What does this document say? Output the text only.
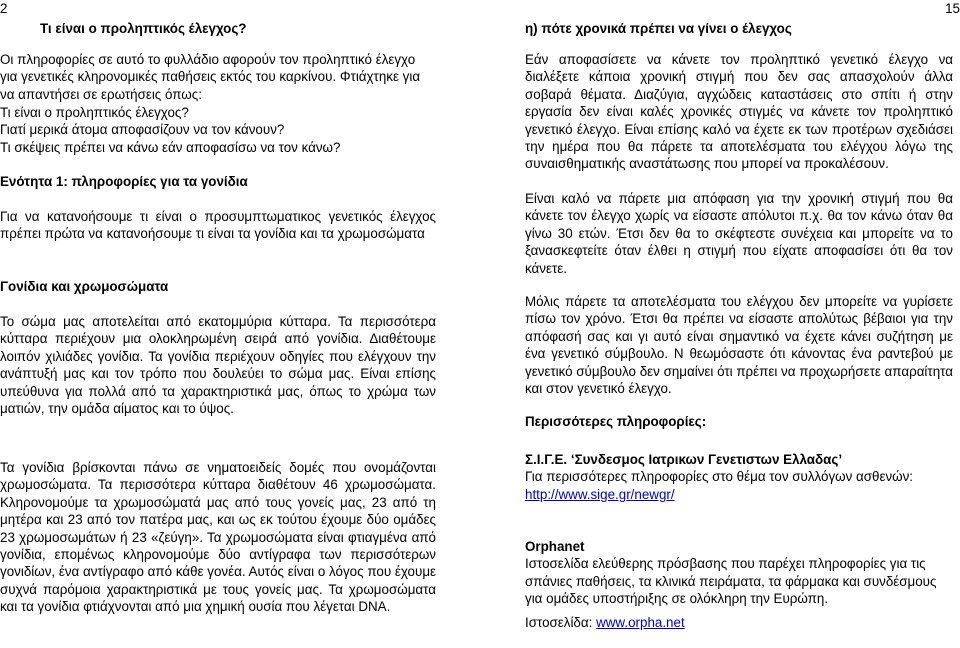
2	15

Τι είναι ο προληπτικός έλεγχος?

Οι πληροφορίες σε αυτό το φυλλάδιο αφορούν τον προληπτικό έλεγχο για γενετικές κληρονομικές παθήσεις εκτός του καρκίνου. Φτιάχτηκε για να απαντήσει σε ερωτήσεις όπως:

Τι είναι ο προληπτικός έλεγχος?
Γιατί μερικά άτομα αποφασίζουν να τον κάνουν?
Τι σκέψεις πρέπει να κάνω εάν αποφασίσω να τον κάνω?

Ενότητα 1: πληροφορίες για τα γονίδια

Για να κατανοήσουμε τι είναι ο προσυμπτωματικος γενετικός έλεγχος πρέπει πρώτα να κατανοήσουμε τι είναι τα γονίδια και τα χρωμοσώματα

Γονίδια και χρωμοσώματα

Το σώμα μας αποτελείται από εκατομμύρια κύτταρα. Τα περισσότερα κύτταρα περιέχουν μια ολοκληρωμένη σειρά από γονίδια. Διαθέτουμε λοιπόν χιλιάδες γονίδια. Τα γονίδια περιέχουν οδηγίες που ελέγχουν την ανάπτυξή μας και τον τρόπο που δουλεύει το σώμα μας. Είναι επίσης υπεύθυνα για πολλά από τα χαρακτηριστικά μας, όπως το χρώμα των ματιών, την ομάδα αίματος και το ύψος.

Τα γονίδια βρίσκονται πάνω σε νηματοειδείς δομές που ονομάζονται χρωμοσώματα. Τα περισσότερα κύτταρα διαθέτουν 46 χρωμοσώματα. Κληρονομούμε τα χρωμοσώματά μας από τους γονείς μας, 23 από τη μητέρα και 23 από τον πατέρα μας, και ως εκ τούτου έχουμε δύο ομάδες 23 χρωμοσωμάτων ή 23 «ζεύγη». Τα χρωμοσώματα είναι φτιαγμένα από γονίδια, επομένως κληρονομούμε δύο αντίγραφα των περισσότερων γονιδίων, ένα αντίγραφο από κάθε γονέα. Αυτός είναι ο λόγος που έχουμε συχνά παρόμοια χαρακτηριστικά με τους γονείς μας. Τα χρωμοσώματα και τα γονίδια φτιάχνονται από μια χημική ουσία που λέγεται DNA.

η) πότε χρονικά πρέπει να γίνει ο έλεγχος

Εάν αποφασίσετε να κάνετε τον προληπτικό γενετικό έλεγχο να διαλέξετε κάποια χρονική στιγμή που δεν σας απασχολούν άλλα σοβαρά θέματα. Διαζύγια, αγχώδεις καταστάσεις στο σπίτι ή στην εργασία δεν είναι καλές χρονικές στιγμές να κάνετε τον προληπτικό γενετικό έλεγχο. Είναι επίσης καλό να έχετε εκ των προτέρων σχεδιάσει την ημέρα που θα πάρετε τα αποτελέσματα του ελέγχου λόγω της συναισθηματικής αναστάτωσης που μπορεί να προκαλέσουν.

Είναι καλό να πάρετε μια απόφαση για την χρονική στιγμή που θα κάνετε τον έλεγχο χωρίς να είσαστε απόλυτοι π.χ. θα τον κάνω όταν θα γίνω 30 ετών. Έτσι δεν θα το σκέφτεστε συνέχεια και μπορείτε να το ξανασκεφτείτε όταν έλθει η στιγμή που είχατε αποφασίσει ότι θα τον κάνετε.

Μόλις πάρετε τα αποτελέσματα του ελέγχου δεν μπορείτε να γυρίσετε πίσω τον χρόνο. Έτσι θα πρέπει να είσαστε απολύτως βέβαιοι για την απόφασή σας και γι αυτό είναι σημαντικό να έχετε κάνει συζήτηση με ένα γενετικό σύμβουλο. Ν θεωμόσαστε ότι κάνοντας ένα ραντεβού με γενετικό σύμβουλο δεν σημαίνει ότι πρέπει να προχωρήσετε απαραίτητα και στον γενετικό έλεγχο.

Περισσότερες πληροφορίες:

Σ.Ι.Γ.Ε. ‘Συνδεσμος Ιατρικων Γενετιστων Ελλαδας’
Για περισσότερες πληροφορίες στο θέμα τον συλλόγων ασθενών:
http://www.sige.gr/newgr/
Orphanet
Ιστοσελίδα ελεύθερης πρόσβασης που παρέχει πληροφορίες για τις σπάνιες παθήσεις, τα κλινικά πειράματα, τα φάρμακα και συνδέσμους για ομάδες υποστήριξης σε ολόκληρη την Ευρώπη.
Ιστοσελίδα: www.orpha.net
